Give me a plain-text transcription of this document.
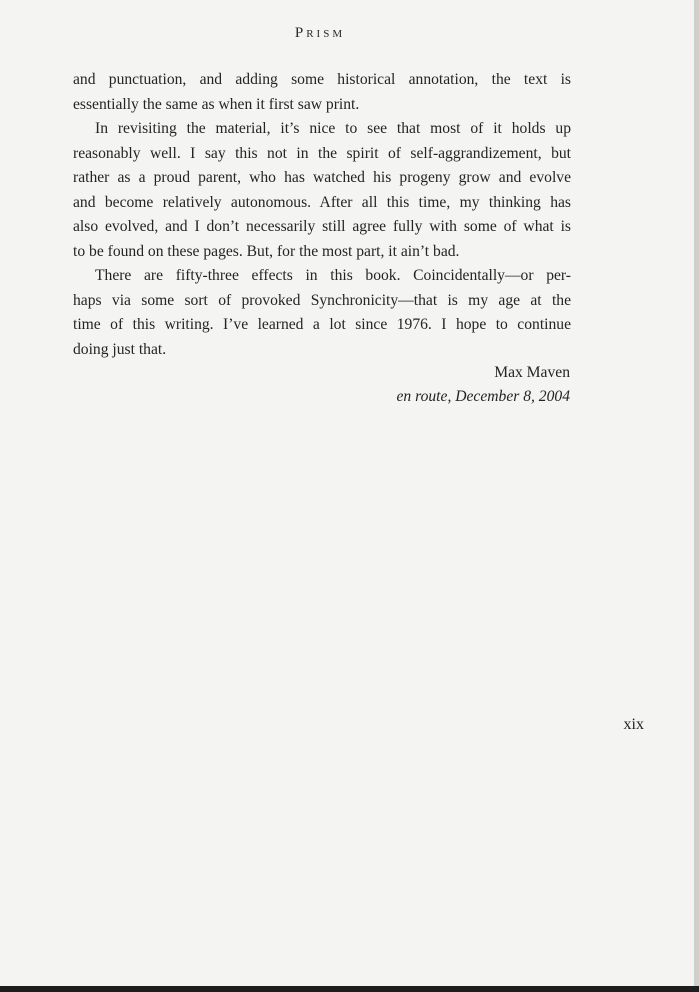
Prism
and punctuation, and adding some historical annotation, the text is
essentially the same as when it first saw print.
In revisiting the material, it’s nice to see that most of it holds up
reasonably well. I say this not in the spirit of self-aggrandizement, but
rather as a proud parent, who has watched his progeny grow and evolve
and become relatively autonomous. After all this time, my thinking has
also evolved, and I don’t necessarily still agree fully with some of what is
to be found on these pages. But, for the most part, it ain’t bad.
There are fifty-three effects in this book. Coincidentally—or per-
haps via some sort of provoked Synchronicity—that is my age at the
time of this writing. I’ve learned a lot since 1976. I hope to continue
doing just that.
Max Maven
en route, December 8, 2004
xix
